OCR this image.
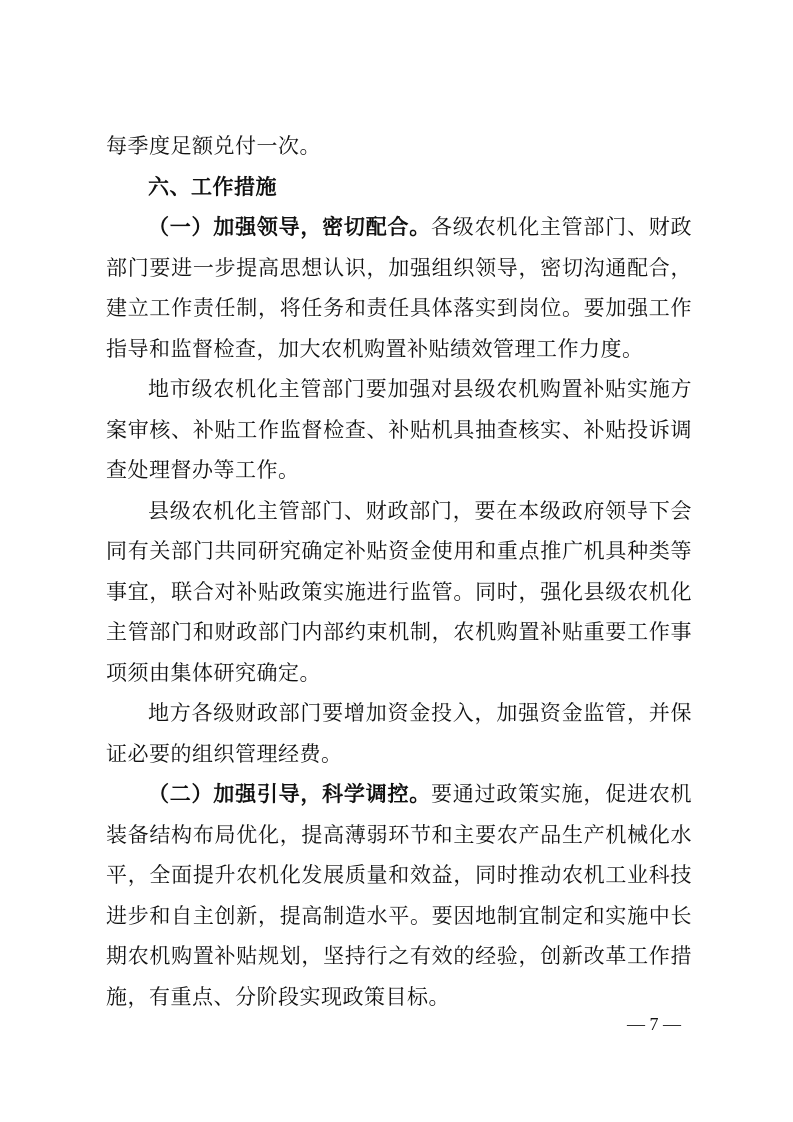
每季度足额兑付一次。

六、工作措施

（一）加强领导，密切配合。各级农机化主管部门、财政部门要进一步提高思想认识，加强组织领导，密切沟通配合，建立工作责任制，将任务和责任具体落实到岗位。要加强工作指导和监督检查，加大农机购置补贴绩效管理工作力度。

地市级农机化主管部门要加强对县级农机购置补贴实施方案审核、补贴工作监督检查、补贴机具抽查核实、补贴投诉调查处理督办等工作。

县级农机化主管部门、财政部门，要在本级政府领导下会同有关部门共同研究确定补贴资金使用和重点推广机具种类等事宜，联合对补贴政策实施进行监管。同时，强化县级农机化主管部门和财政部门内部约束机制，农机购置补贴重要工作事项须由集体研究确定。

地方各级财政部门要增加资金投入，加强资金监管，并保证必要的组织管理经费。

（二）加强引导，科学调控。要通过政策实施，促进农机装备结构布局优化，提高薄弱环节和主要农产品生产机械化水平，全面提升农机化发展质量和效益，同时推动农机工业科技进步和自主创新，提高制造水平。要因地制宜制定和实施中长期农机购置补贴规划，坚持行之有效的经验，创新改革工作措施，有重点、分阶段实现政策目标。

— 7 —
